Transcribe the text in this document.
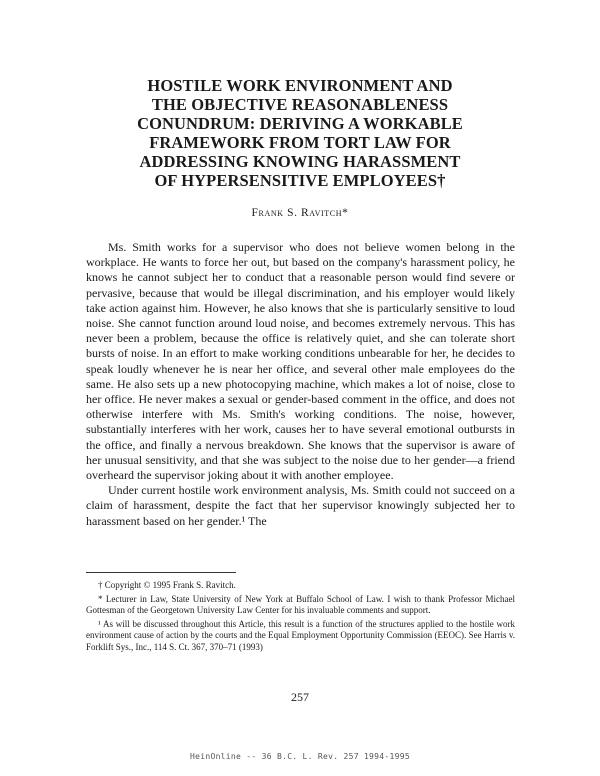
HOSTILE WORK ENVIRONMENT AND
THE OBJECTIVE REASONABLENESS
CONUNDRUM: DERIVING A WORKABLE
FRAMEWORK FROM TORT LAW FOR
ADDRESSING KNOWING HARASSMENT
OF HYPERSENSITIVE EMPLOYEES†
Frank S. Ravitch*

Ms. Smith works for a supervisor who does not believe women belong in the workplace. He wants to force her out, but based on the company's harassment policy, he knows he cannot subject her to conduct that a reasonable person would find severe or pervasive, because that would be illegal discrimination, and his employer would likely take action against him. However, he also knows that she is particularly sensitive to loud noise. She cannot function around loud noise, and becomes extremely nervous. This has never been a problem, because the office is relatively quiet, and she can tolerate short bursts of noise. In an effort to make working conditions unbearable for her, he decides to speak loudly whenever he is near her office, and several other male employees do the same. He also sets up a new photocopying machine, which makes a lot of noise, close to her office. He never makes a sexual or gender-based comment in the office, and does not otherwise interfere with Ms. Smith's working conditions. The noise, however, substantially interferes with her work, causes her to have several emotional outbursts in the office, and finally a nervous breakdown. She knows that the supervisor is aware of her unusual sensitivity, and that she was subject to the noise due to her gender—a friend overheard the supervisor joking about it with another employee.

Under current hostile work environment analysis, Ms. Smith could not succeed on a claim of harassment, despite the fact that her supervisor knowingly subjected her to harassment based on her gender.¹ The

† Copyright © 1995 Frank S. Ravitch.

* Lecturer in Law, State University of New York at Buffalo School of Law. I wish to thank Professor Michael Gottesman of the Georgetown University Law Center for his invaluable comments and support.

¹ As will be discussed throughout this Article, this result is a function of the structures applied to the hostile work environment cause of action by the courts and the Equal Employment Opportunity Commission (EEOC). See Harris v. Forklift Sys., Inc., 114 S. Ct. 367, 370–71 (1993)

257
HeinOnline -- 36 B.C. L. Rev. 257 1994-1995
